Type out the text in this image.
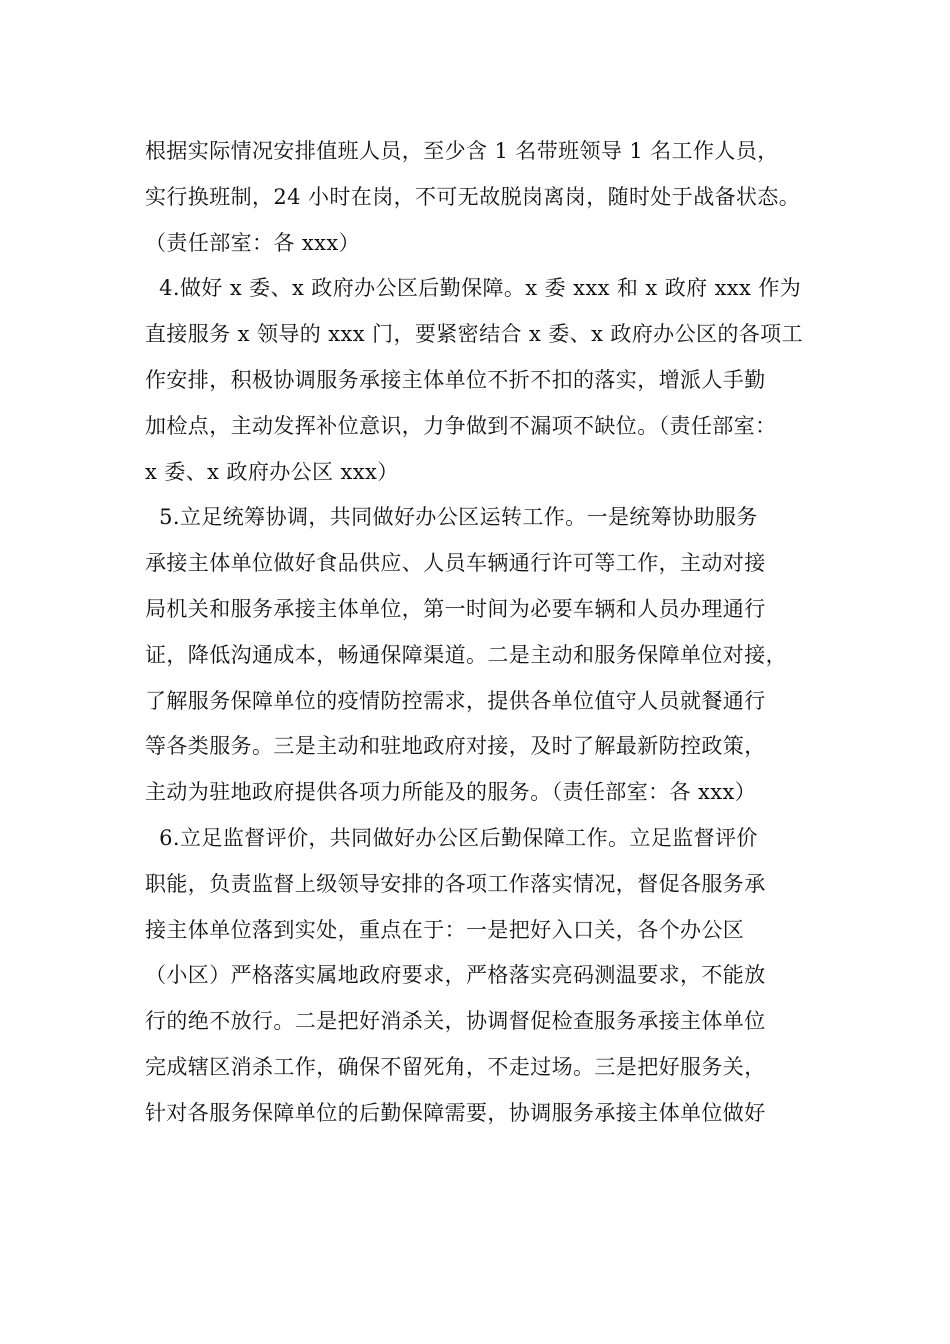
根据实际情况安排值班人员，至少含 1 名带班领导 1 名工作人员，
实行换班制，24 小时在岗，不可无故脱岗离岗，随时处于战备状态。
（责任部室：各 xxx）
4.做好 x 委、x 政府办公区后勤保障。x 委 xxx 和 x 政府 xxx 作为
直接服务 x 领导的 xxx 门，要紧密结合 x 委、x 政府办公区的各项工
作安排，积极协调服务承接主体单位不折不扣的落实，增派人手勤
加检点，主动发挥补位意识，力争做到不漏项不缺位。（责任部室：
x 委、x 政府办公区 xxx）
5.立足统筹协调，共同做好办公区运转工作。一是统筹协助服务
承接主体单位做好食品供应、人员车辆通行许可等工作，主动对接
局机关和服务承接主体单位，第一时间为必要车辆和人员办理通行
证，降低沟通成本，畅通保障渠道。二是主动和服务保障单位对接，
了解服务保障单位的疫情防控需求，提供各单位值守人员就餐通行
等各类服务。三是主动和驻地政府对接，及时了解最新防控政策，
主动为驻地政府提供各项力所能及的服务。（责任部室：各 xxx）
6.立足监督评价，共同做好办公区后勤保障工作。立足监督评价
职能，负责监督上级领导安排的各项工作落实情况，督促各服务承
接主体单位落到实处，重点在于：一是把好入口关，各个办公区
（小区）严格落实属地政府要求，严格落实亮码测温要求，不能放
行的绝不放行。二是把好消杀关，协调督促检查服务承接主体单位
完成辖区消杀工作，确保不留死角，不走过场。三是把好服务关，
针对各服务保障单位的后勤保障需要，协调服务承接主体单位做好
